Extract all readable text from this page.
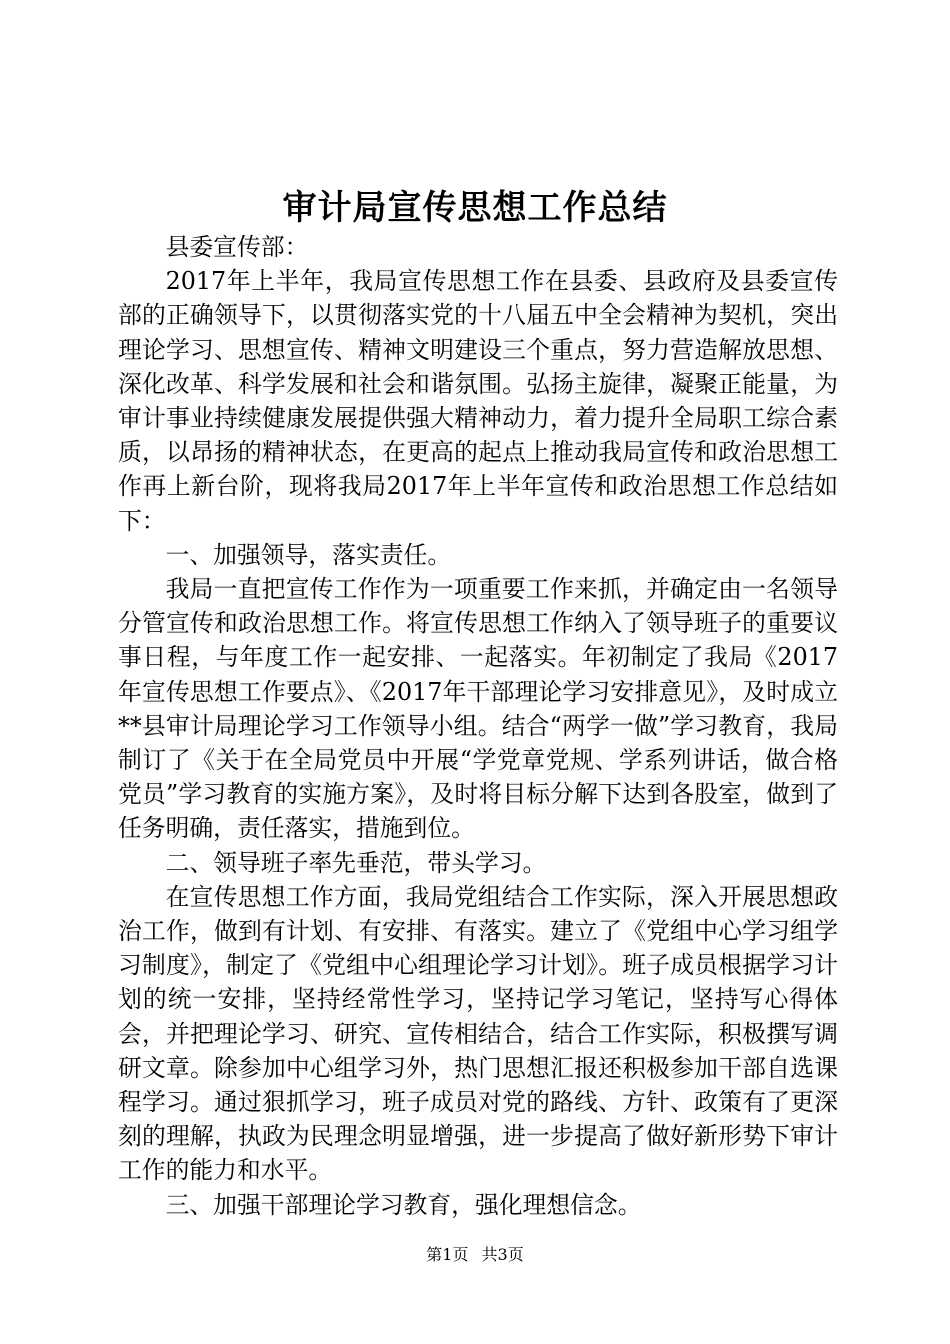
审计局宣传思想工作总结

县委宣传部：

2017年上半年，我局宣传思想工作在县委、县政府及县委宣传部的正确领导下，以贯彻落实党的十八届五中全会精神为契机，突出理论学习、思想宣传、精神文明建设三个重点，努力营造解放思想、深化改革、科学发展和社会和谐氛围。弘扬主旋律，凝聚正能量，为审计事业持续健康发展提供强大精神动力，着力提升全局职工综合素质，以昂扬的精神状态，在更高的起点上推动我局宣传和政治思想工作再上新台阶，现将我局2017年上半年宣传和政治思想工作总结如下：

一、加强领导，落实责任。

我局一直把宣传工作作为一项重要工作来抓，并确定由一名领导分管宣传和政治思想工作。将宣传思想工作纳入了领导班子的重要议事日程，与年度工作一起安排、一起落实。年初制定了我局《2017年宣传思想工作要点》、《2017年干部理论学习安排意见》，及时成立**县审计局理论学习工作领导小组。结合“两学一做”学习教育，我局制订了《关于在全局党员中开展“学党章党规、学系列讲话，做合格党员”学习教育的实施方案》，及时将目标分解下达到各股室，做到了任务明确，责任落实，措施到位。

二、领导班子率先垂范，带头学习。

在宣传思想工作方面，我局党组结合工作实际，深入开展思想政治工作，做到有计划、有安排、有落实。建立了《党组中心学习组学习制度》，制定了《党组中心组理论学习计划》。班子成员根据学习计划的统一安排，坚持经常性学习，坚持记学习笔记，坚持写心得体会，并把理论学习、研究、宣传相结合，结合工作实际，积极撰写调研文章。除参加中心组学习外，热门思想汇报还积极参加干部自选课程学习。通过狠抓学习，班子成员对党的路线、方针、政策有了更深刻的理解，执政为民理念明显增强，进一步提高了做好新形势下审计工作的能力和水平。

三、加强干部理论学习教育，强化理想信念。

第1页 共3页
